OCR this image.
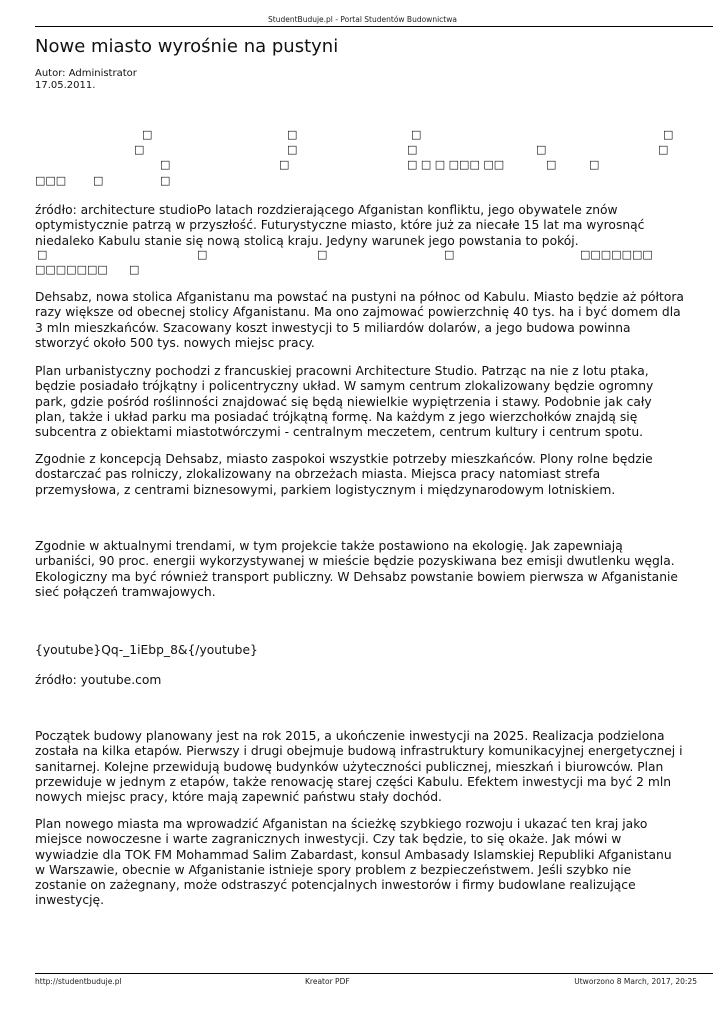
StudentBuduje.pl - Portal Studentów Budownictwa
Nowe miasto wyrośnie na pustyni
Autor: Administrator
17.05.2011.
□	□	□	□
□	□	□	□	□
□	□	□ □ □ □□□ □□	□	□
□□□ □	□

źródło: architecture studioPo latach rozdzierającego Afganistan konfliktu, jego obywatele znów optymistycznie patrzą w przyszłość. Futurystyczne miasto, które już za niecałe 15 lat ma wyrosnąć niedaleko Kabulu stanie się nową stolicą kraju. Jedyny warunek jego powstania to pokój.

□	□	□	□	□□□□□□□
□□□□□□□ □

Dehsabz, nowa stolica Afganistanu ma powstać na pustyni na północ od Kabulu. Miasto będzie aż półtora razy większe od obecnej stolicy Afganistanu. Ma ono zajmować powierzchnię 40 tys. ha i być domem dla 3 mln mieszkańców. Szacowany koszt inwestycji to 5 miliardów dolarów, a jego budowa powinna stworzyć około 500 tys. nowych miejsc pracy.

Plan urbanistyczny pochodzi z francuskiej pracowni Architecture Studio. Patrząc na nie z lotu ptaka, będzie posiadało trójkątny i policentryczny układ. W samym centrum zlokalizowany będzie ogromny park, gdzie pośród roślinności znajdować się będą niewielkie wypiętrzenia i stawy. Podobnie jak cały plan, także i układ parku ma posiadać trójkątną formę. Na każdym z jego wierzchołków znajdą się subcentra z obiektami miastotwórczymi - centralnym meczetem, centrum kultury i centrum spotu.

Zgodnie z koncepcją Dehsabz, miasto zaspokoi wszystkie potrzeby mieszkańców. Plony rolne będzie dostarczać pas rolniczy, zlokalizowany na obrzeżach miasta. Miejsca pracy natomiast strefa przemysłowa, z centrami biznesowymi, parkiem logistycznym i międzynarodowym lotniskiem.

Zgodnie w aktualnymi trendami, w tym projekcie także postawiono na ekologię. Jak zapewniają urbaniści, 90 proc. energii wykorzystywanej w mieście będzie pozyskiwana bez emisji dwutlenku węgla. Ekologiczny ma być również transport publiczny. W Dehsabz powstanie bowiem pierwsza w Afganistanie sieć połączeń tramwajowych.

{youtube}Qq-_1iEbp_8&{/youtube}

źródło: youtube.com

Początek budowy planowany jest na rok 2015, a ukończenie inwestycji na 2025. Realizacja podzielona została na kilka etapów. Pierwszy i drugi obejmuje budową infrastruktury komunikacyjnej energetycznej i sanitarnej. Kolejne przewidują budowę budynków użyteczności publicznej, mieszkań i biurowców. Plan przewiduje w jednym z etapów, także renowację starej części Kabulu. Efektem inwestycji ma być 2 mln nowych miejsc pracy, które mają zapewnić państwu stały dochód.

Plan nowego miasta ma wprowadzić Afganistan na ścieżkę szybkiego rozwoju i ukazać ten kraj jako miejsce nowoczesne i warte zagranicznych inwestycji. Czy tak będzie, to się okaże. Jak mówi w wywiadzie dla TOK FM Mohammad Salim Zabardast, konsul Ambasady Islamskiej Republiki Afganistanu w Warszawie, obecnie w Afganistanie istnieje spory problem z bezpieczeństwem. Jeśli szybko nie zostanie on zażegnany, może odstraszyć potencjalnych inwestorów i firmy budowlane realizujące inwestycję.

http://studentbuduje.pl	Kreator PDF	Utworzono 8 March, 2017, 20:25
